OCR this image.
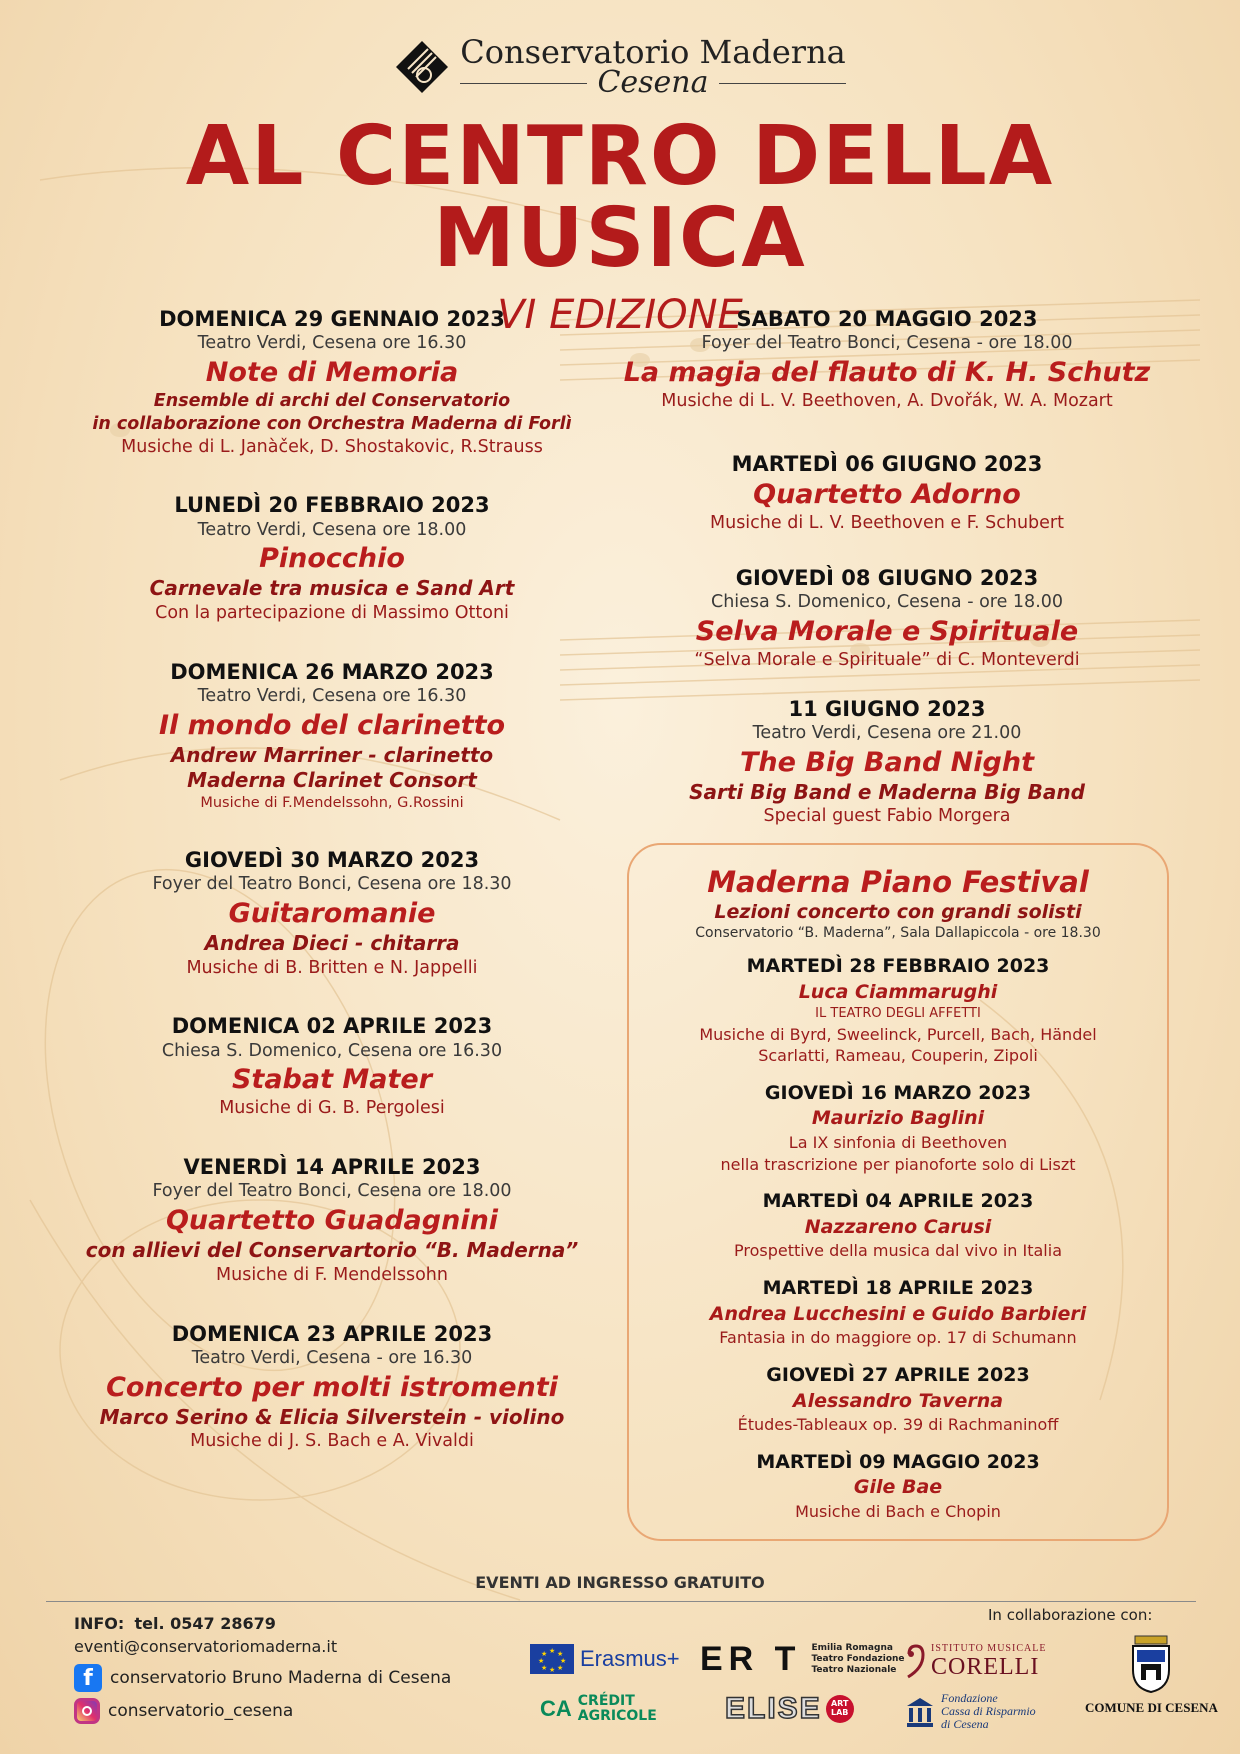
Conservatorio Maderna
Cesena
AL CENTRO DELLA MUSICA
VI EDIZIONE
DOMENICA 29 GENNAIO 2023
Teatro Verdi, Cesena ore 16.30
Note di Memoria
Ensemble di archi del Conservatorio
in collaborazione con Orchestra Maderna di Forlì
Musiche di L. Janàček, D. Shostakovic, R.Strauss
LUNEDÌ 20 FEBBRAIO 2023
Teatro Verdi, Cesena ore 18.00
Pinocchio
Carnevale tra musica e Sand Art
Con la partecipazione di Massimo Ottoni
DOMENICA 26 MARZO 2023
Teatro Verdi, Cesena ore 16.30
Il mondo del clarinetto
Andrew Marriner - clarinetto
Maderna Clarinet Consort
Musiche di F.Mendelssohn, G.Rossini
GIOVEDÌ 30 MARZO 2023
Foyer del Teatro Bonci, Cesena ore 18.30
Guitaromanie
Andrea Dieci - chitarra
Musiche di B. Britten e N. Jappelli
DOMENICA 02 APRILE 2023
Chiesa S. Domenico, Cesena ore 16.30
Stabat Mater
Musiche di G. B. Pergolesi
VENERDÌ 14 APRILE 2023
Foyer del Teatro Bonci, Cesena ore 18.00
Quartetto Guadagnini
con allievi del Conservartorio “B. Maderna”
Musiche di F. Mendelssohn
DOMENICA 23 APRILE 2023
Teatro Verdi, Cesena - ore 16.30
Concerto per molti istromenti
Marco Serino & Elicia Silverstein - violino
Musiche di J. S. Bach e A. Vivaldi
SABATO 20 MAGGIO 2023
Foyer del Teatro Bonci, Cesena - ore 18.00
La magia del flauto di K. H. Schutz
Musiche di L. V. Beethoven, A. Dvořák, W. A. Mozart
MARTEDÌ 06 GIUGNO 2023
Quartetto Adorno
Musiche di L. V. Beethoven e F. Schubert
GIOVEDÌ 08 GIUGNO 2023
Chiesa S. Domenico, Cesena - ore 18.00
Selva Morale e Spirituale
“Selva Morale e Spirituale” di C. Monteverdi
11 GIUGNO 2023
Teatro Verdi, Cesena ore 21.00
The Big Band Night
Sarti Big Band e Maderna Big Band
Special guest Fabio Morgera
Maderna Piano Festival
Lezioni concerto con grandi solisti
Conservatorio “B. Maderna”, Sala Dallapiccola - ore 18.30
MARTEDÌ 28 FEBBRAIO 2023
Luca Ciammarughi
IL TEATRO DEGLI AFFETTI
Musiche di Byrd, Sweelinck, Purcell, Bach, Händel
Scarlatti, Rameau, Couperin, Zipoli
GIOVEDÌ 16 MARZO 2023
Maurizio Baglini
La IX sinfonia di Beethoven
nella trascrizione per pianoforte solo di Liszt
MARTEDÌ 04 APRILE 2023
Nazzareno Carusi
Prospettive della musica dal vivo in Italia
MARTEDÌ 18 APRILE 2023
Andrea Lucchesini e Guido Barbieri
Fantasia in do maggiore op. 17 di Schumann
GIOVEDÌ 27 APRILE 2023
Alessandro Taverna
Études-Tableaux op. 39 di Rachmaninoff
MARTEDÌ 09 MAGGIO 2023
Gile Bae
Musiche di Bach e Chopin
EVENTI AD INGRESSO GRATUITO
INFO: tel. 0547 28679
eventi@conservatoriomaderna.it
f	conservatorio Bruno Maderna di Cesena
conservatorio_cesena
In collaborazione con:
★ ★
★
★
★
★
★
★ Erasmus+ ER T Emilia Romagna
Teatro Fondazione
Teatro Nazionale
ISTITUTO MUSICALE
CORELLI
COMUNE DI CESENA
CA CRÉDIT
AGRICOLE ELISE	ART LAB
Fondazione
Cassa di Risparmio
di Cesena
